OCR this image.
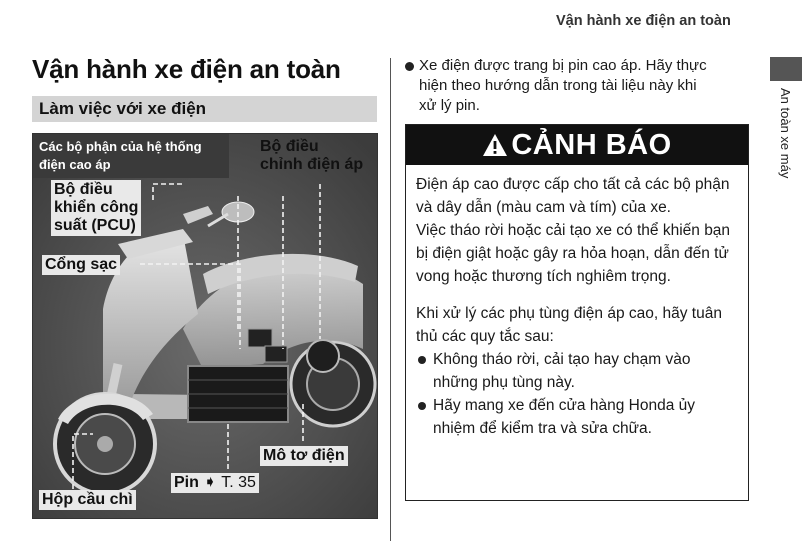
Vận hành xe điện an toàn
Vận hành xe điện an toàn
Làm việc với xe điện
Các bộ phận của hệ thống
điện cao áp
Bộ điều
chỉnh điện áp
Bộ điều
khiển công
suất (PCU)
Cổng sạc
Mô tơ điện
Pin ➧ T. 35
Hộp cầu chì
Xe điện được trang bị pin cao áp. Hãy thực
hiện theo hướng dẫn trong tài liệu này khi
xử lý pin.
CẢNH BÁO

Điện áp cao được cấp cho tất cả các bộ phận và dây dẫn (màu cam và tím) của xe.

Việc tháo rời hoặc cải tạo xe có thể khiến bạn bị điện giật hoặc gây ra hỏa hoạn, dẫn đến tử vong hoặc thương tích nghiêm trọng.

Khi xử lý các phụ tùng điện áp cao, hãy tuân thủ các quy tắc sau:

Không tháo rời, cải tạo hay chạm vào những phụ tùng này.
Hãy mang xe đến cửa hàng Honda ủy nhiệm để kiểm tra và sửa chữa.
An toàn xe máy
